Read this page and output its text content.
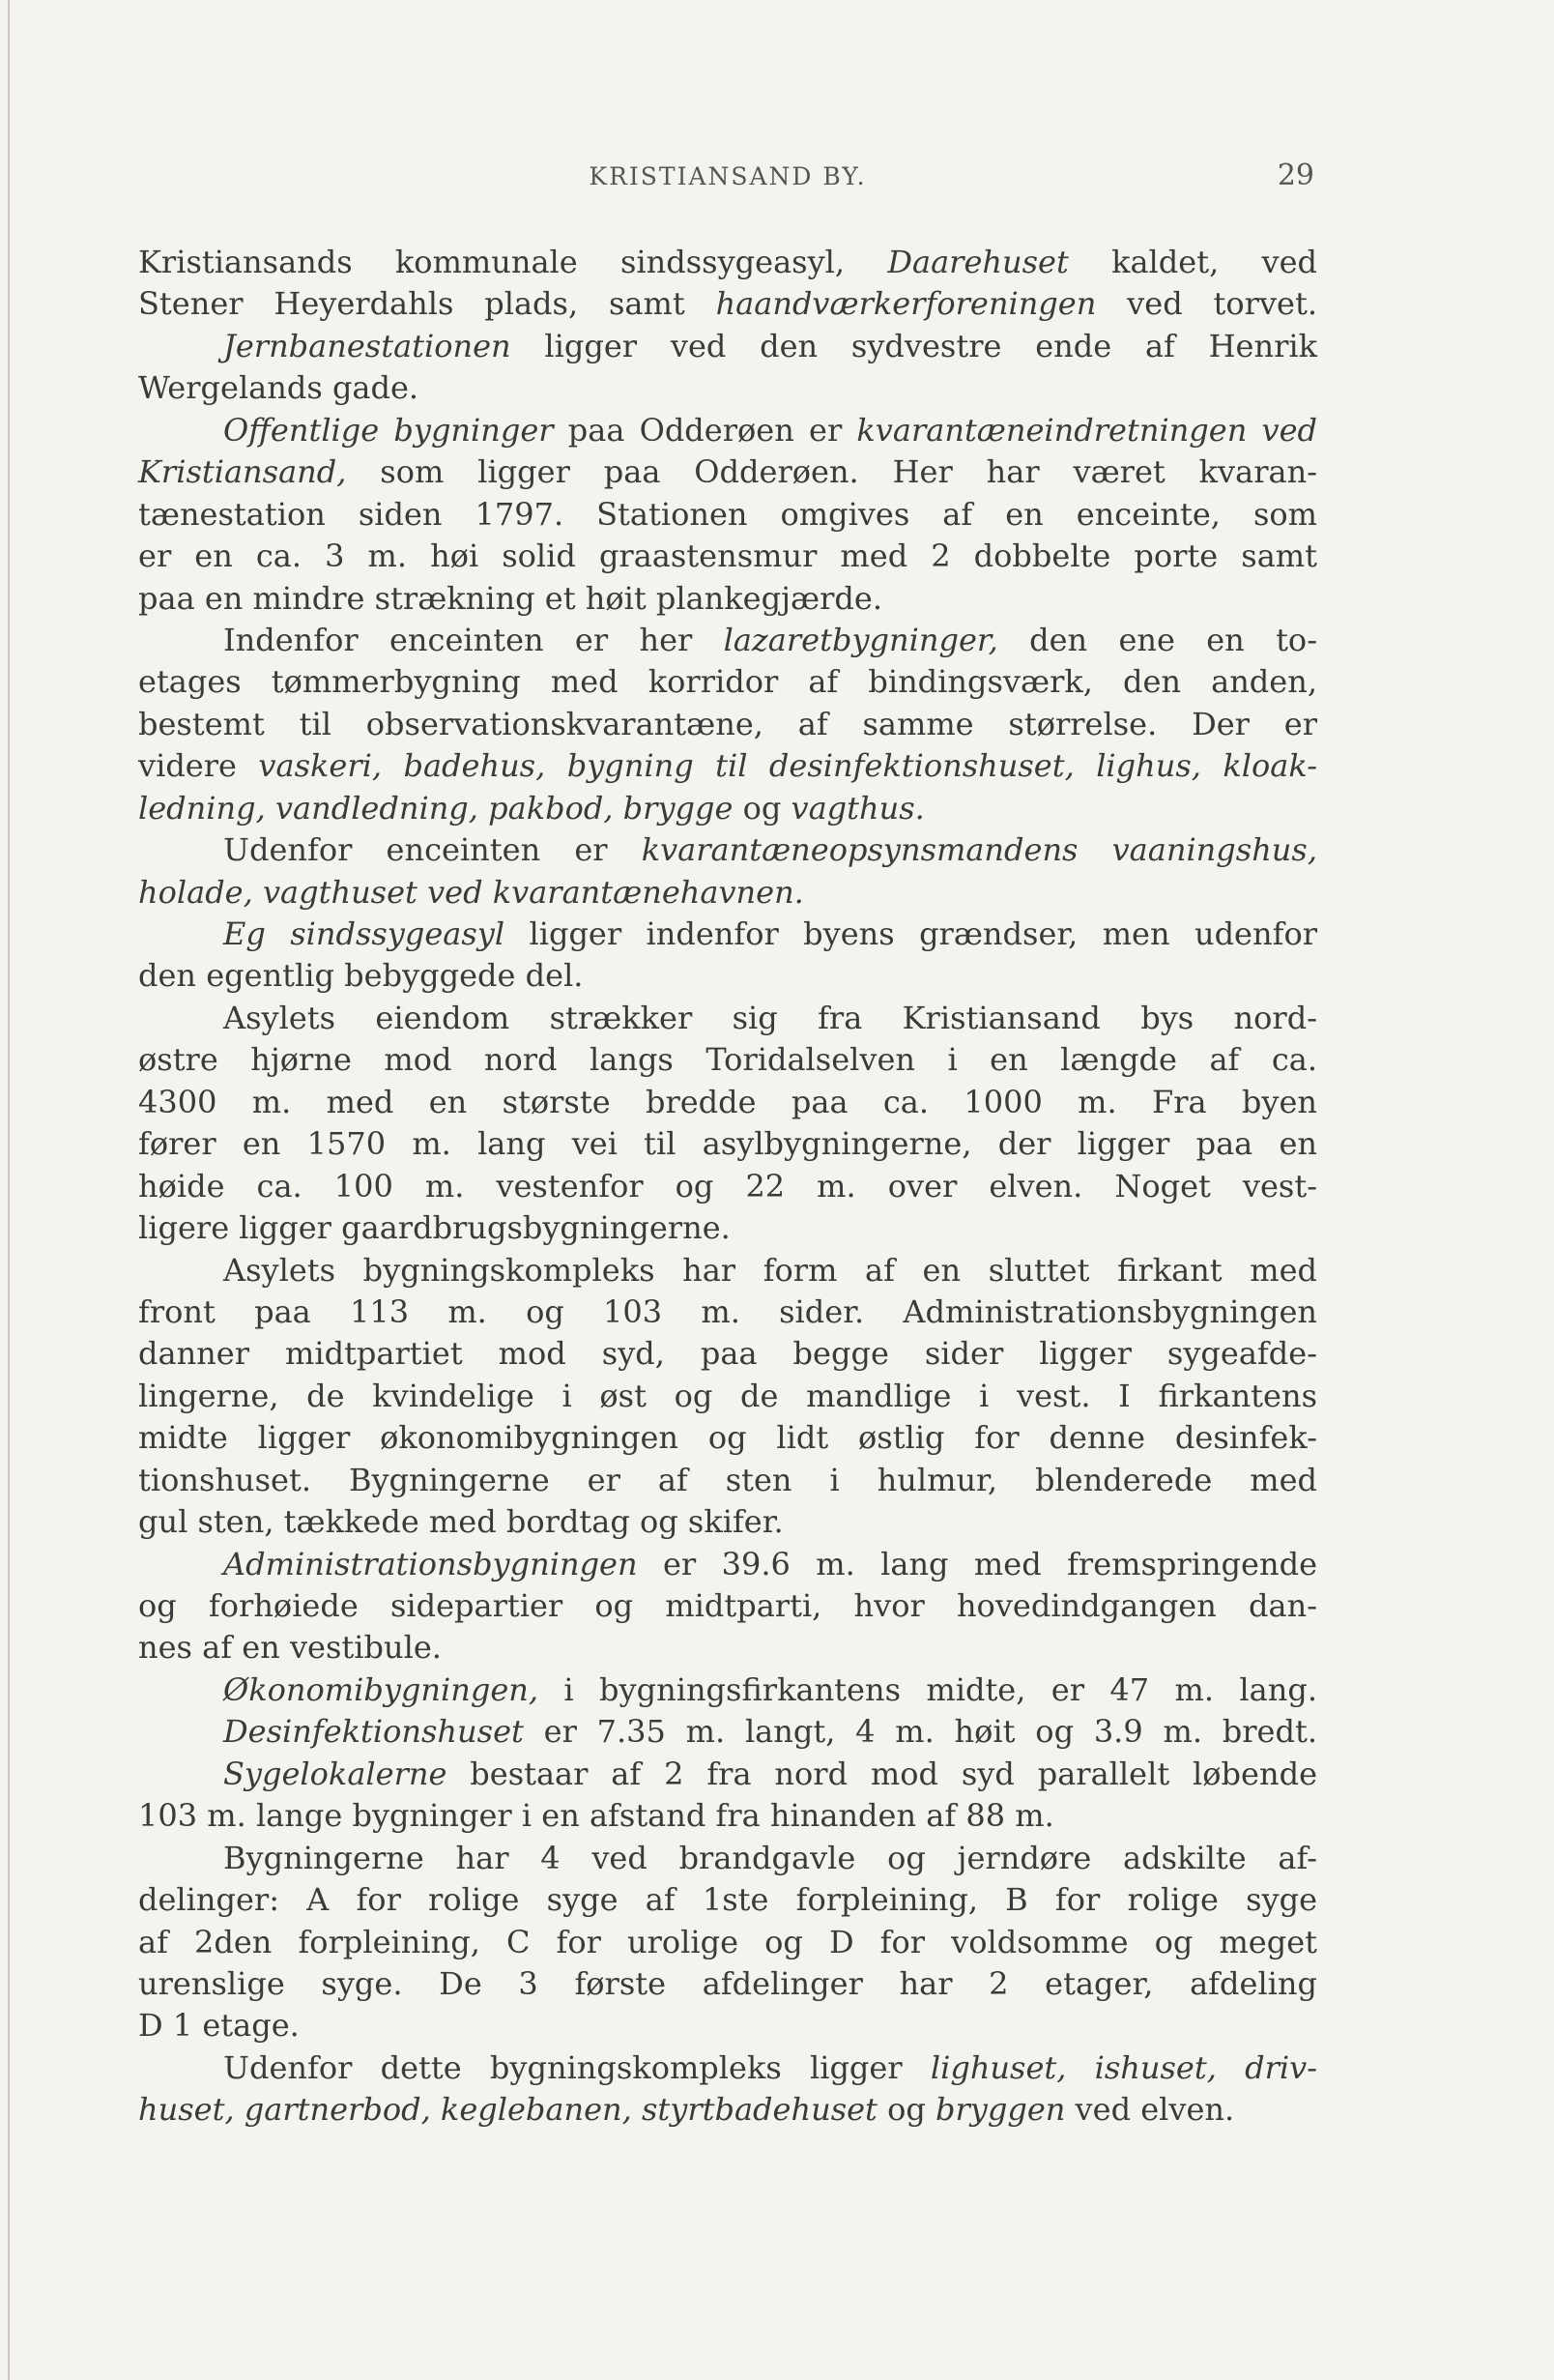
KRISTIANSAND BY.	29
Kristiansands kommunale sindssygeasyl, Daarehuset kaldet, ved
Stener Heyerdahls plads, samt haandværkerforeningen ved torvet.
Jernbanestationen ligger ved den sydvestre ende af Henrik
Wergelands gade.
Offentlige bygninger paa Odderøen er kvarantæneindretningen ved
Kristiansand, som ligger paa Odderøen. Her har været kvaran-
tænestation siden 1797. Stationen omgives af en enceinte, som
er en ca. 3 m. høi solid graastensmur med 2 dobbelte porte samt
paa en mindre strækning et høit plankegjærde.
Indenfor enceinten er her lazaretbygninger, den ene en to-
etages tømmerbygning med korridor af bindingsværk, den anden,
bestemt til observationskvarantæne, af samme størrelse. Der er
videre vaskeri, badehus, bygning til desinfektionshuset, lighus, kloak-
ledning, vandledning, pakbod, brygge og vagthus.
Udenfor enceinten er kvarantæneopsynsmandens vaaningshus,
holade, vagthuset ved kvarantænehavnen.
Eg sindssygeasyl ligger indenfor byens grændser, men udenfor
den egentlig bebyggede del.
Asylets eiendom strækker sig fra Kristiansand bys nord-
østre hjørne mod nord langs Toridalselven i en længde af ca.
4300 m. med en største bredde paa ca. 1000 m. Fra byen
fører en 1570 m. lang vei til asylbygningerne, der ligger paa en
høide ca. 100 m. vestenfor og 22 m. over elven. Noget vest-
ligere ligger gaardbrugsbygningerne.
Asylets bygningskompleks har form af en sluttet firkant med
front paa 113 m. og 103 m. sider. Administrationsbygningen
danner midtpartiet mod syd, paa begge sider ligger sygeafde-
lingerne, de kvindelige i øst og de mandlige i vest. I firkantens
midte ligger økonomibygningen og lidt østlig for denne desinfek-
tionshuset. Bygningerne er af sten i hulmur, blenderede med
gul sten, tækkede med bordtag og skifer.
Administrationsbygningen er 39.6 m. lang med fremspringende
og forhøiede sidepartier og midtparti, hvor hovedindgangen dan-
nes af en vestibule.
Økonomibygningen, i bygningsfirkantens midte, er 47 m. lang.
Desinfektionshuset er 7.35 m. langt, 4 m. høit og 3.9 m. bredt.
Sygelokalerne bestaar af 2 fra nord mod syd parallelt løbende
103 m. lange bygninger i en afstand fra hinanden af 88 m.
Bygningerne har 4 ved brandgavle og jerndøre adskilte af-
delinger: A for rolige syge af 1ste forpleining, B for rolige syge
af 2den forpleining, C for urolige og D for voldsomme og meget
urenslige syge. De 3 første afdelinger har 2 etager, afdeling
D 1 etage.
Udenfor dette bygningskompleks ligger lighuset, ishuset, driv-
huset, gartnerbod, keglebanen, styrtbadehuset og bryggen ved elven.
